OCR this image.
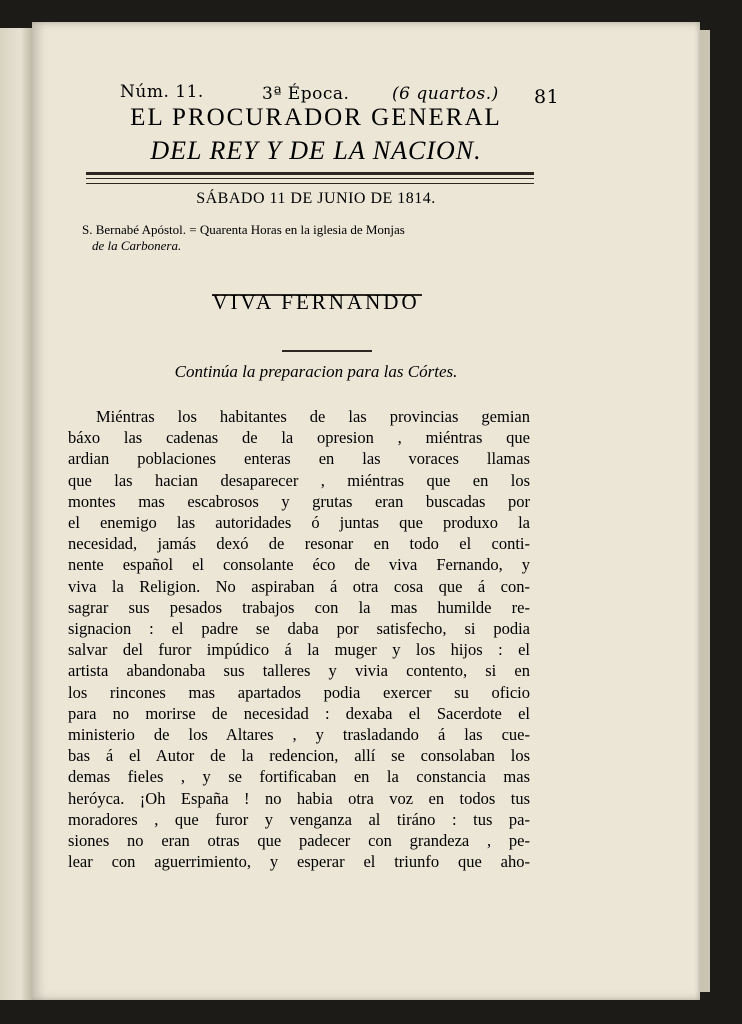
Núm. 11.	3ª Época.	(6 quartos.) 81
EL PROCURADOR GENERAL
DEL REY Y DE LA NACION.
SÁBADO 11 DE JUNIO DE 1814.
S. Bernabé Apóstol. = Quarenta Horas en la iglesia de Monjas
de la Carbonera.
VIVA FERNANDO
Continúa la preparacion para las Córtes.
Miéntras los habitantes de las provincias gemian
báxo las cadenas de la opresion , miéntras que
ardian poblaciones enteras en las voraces llamas
que las hacian desaparecer , miéntras que en los
montes mas escabrosos y grutas eran buscadas por
el enemigo las autoridades ó juntas que produxo la
necesidad, jamás dexó de resonar en todo el conti-
nente español el consolante éco de viva Fernando, y
viva la Religion. No aspiraban á otra cosa que á con-
sagrar sus pesados trabajos con la mas humilde re-
signacion : el padre se daba por satisfecho, si podia
salvar del furor impúdico á la muger y los hijos : el
artista abandonaba sus talleres y vivia contento, si en
los rincones mas apartados podia exercer su oficio
para no morirse de necesidad : dexaba el Sacerdote el
ministerio de los Altares , y trasladando á las cue-
bas á el Autor de la redencion, allí se consolaban los
demas fieles , y se fortificaban en la constancia mas
heróyca. ¡Oh España ! no habia otra voz en todos tus
moradores , que furor y venganza al tiráno : tus pa-
siones no eran otras que padecer con grandeza , pe-
lear con aguerrimiento, y esperar el triunfo que aho-
